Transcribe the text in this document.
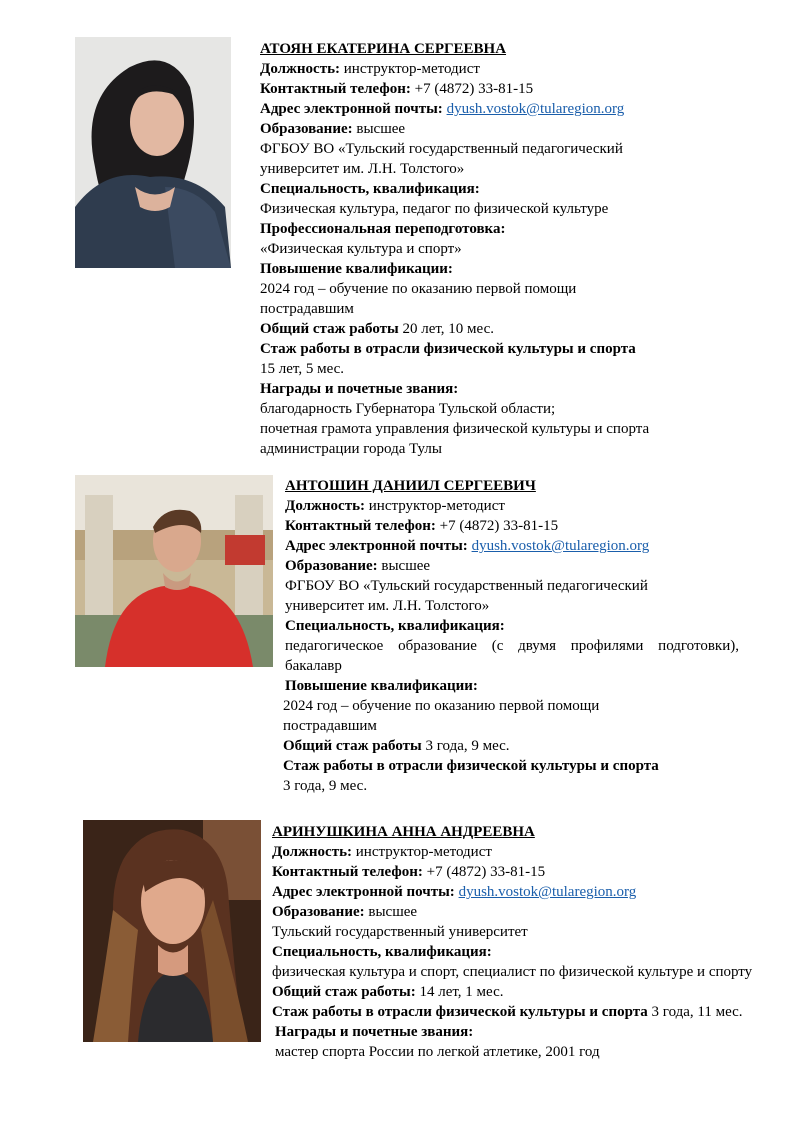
АТОЯН ЕКАТЕРИНА СЕРГЕЕВНА

Должность: инструктор-методист

Контактный телефон: +7 (4872) 33-81-15

Адрес электронной почты: dyush.vostok@tularegion.org

Образование: высшее

ФГБОУ ВО «Тульский государственный педагогический университет им. Л.Н. Толстого»

Специальность, квалификация:

Физическая культура, педагог по физической культуре

Профессиональная переподготовка:

«Физическая культура и спорт»

Повышение квалификации:

2024 год – обучение по оказанию первой помощи пострадавшим

Общий стаж работы 20 лет, 10 мес.

Стаж работы в отрасли физической культуры и спорта

15 лет, 5 мес.

Награды и почетные звания:

благодарность Губернатора Тульской области;

почетная грамота управления физической культуры и спорта администрации города Тулы

АНТОШИН ДАНИИЛ СЕРГЕЕВИЧ

Должность: инструктор-методист

Контактный телефон: +7 (4872) 33-81-15

Адрес электронной почты: dyush.vostok@tularegion.org

Образование: высшее

ФГБОУ ВО «Тульский государственный педагогический университет им. Л.Н. Толстого»

Специальность, квалификация:

педагогическое образование (с двумя профилями подготовки), бакалавр

Повышение квалификации:

2024 год – обучение по оказанию первой помощи пострадавшим

Общий стаж работы 3 года, 9 мес.

Стаж работы в отрасли физической культуры и спорта

3 года, 9 мес.

АРИНУШКИНА АННА АНДРЕЕВНА

Должность: инструктор-методист

Контактный телефон: +7 (4872) 33-81-15

Адрес электронной почты: dyush.vostok@tularegion.org

Образование: высшее

Тульский государственный университет

Специальность, квалификация:

физическая культура и спорт, специалист по физической культуре и спорту

Общий стаж работы: 14 лет, 1 мес.

Стаж работы в отрасли физической культуры и спорта 3 года, 11 мес.

Награды и почетные звания:

мастер спорта России по легкой атлетике, 2001 год
